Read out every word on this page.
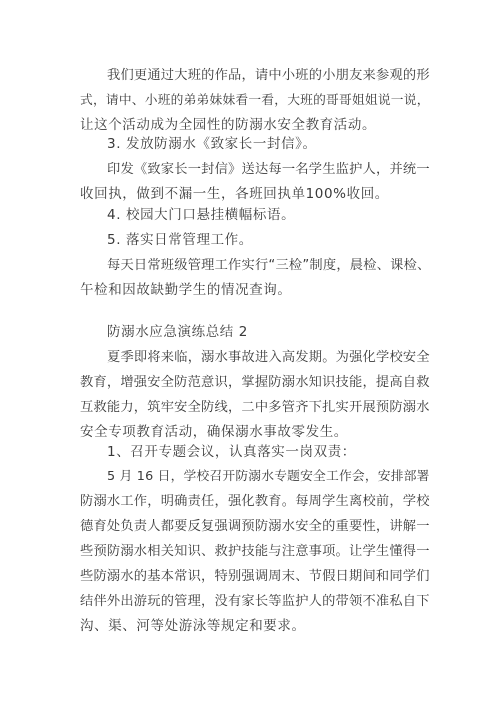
我们更通过大班的作品，请中小班的小朋友来参观的形
式，请中、小班的弟弟妹妹看一看，大班的哥哥姐姐说一说，
让这个活动成为全园性的防溺水安全教育活动。
3. 发放防溺水《致家长一封信》。
印发《致家长一封信》送达每一名学生监护人，并统一
收回执，做到不漏一生，各班回执单100%收回。
4. 校园大门口悬挂横幅标语。
5. 落实日常管理工作。
每天日常班级管理工作实行“三检”制度，晨检、课检、
午检和因故缺勤学生的情况查询。
防溺水应急演练总结 2
夏季即将来临，溺水事故进入高发期。为强化学校安全
教育，增强安全防范意识，掌握防溺水知识技能，提高自救
互救能力，筑牢安全防线，二中多管齐下扎实开展预防溺水
安全专项教育活动，确保溺水事故零发生。
1、召开专题会议，认真落实一岗双责：
5 月 16 日，学校召开防溺水专题安全工作会，安排部署
防溺水工作，明确责任，强化教育。每周学生离校前，学校
德育处负责人都要反复强调预防溺水安全的重要性，讲解一
些预防溺水相关知识、救护技能与注意事项。让学生懂得一
些防溺水的基本常识，特别强调周末、节假日期间和同学们
结伴外出游玩的管理，没有家长等监护人的带领不准私自下
沟、渠、河等处游泳等规定和要求。
